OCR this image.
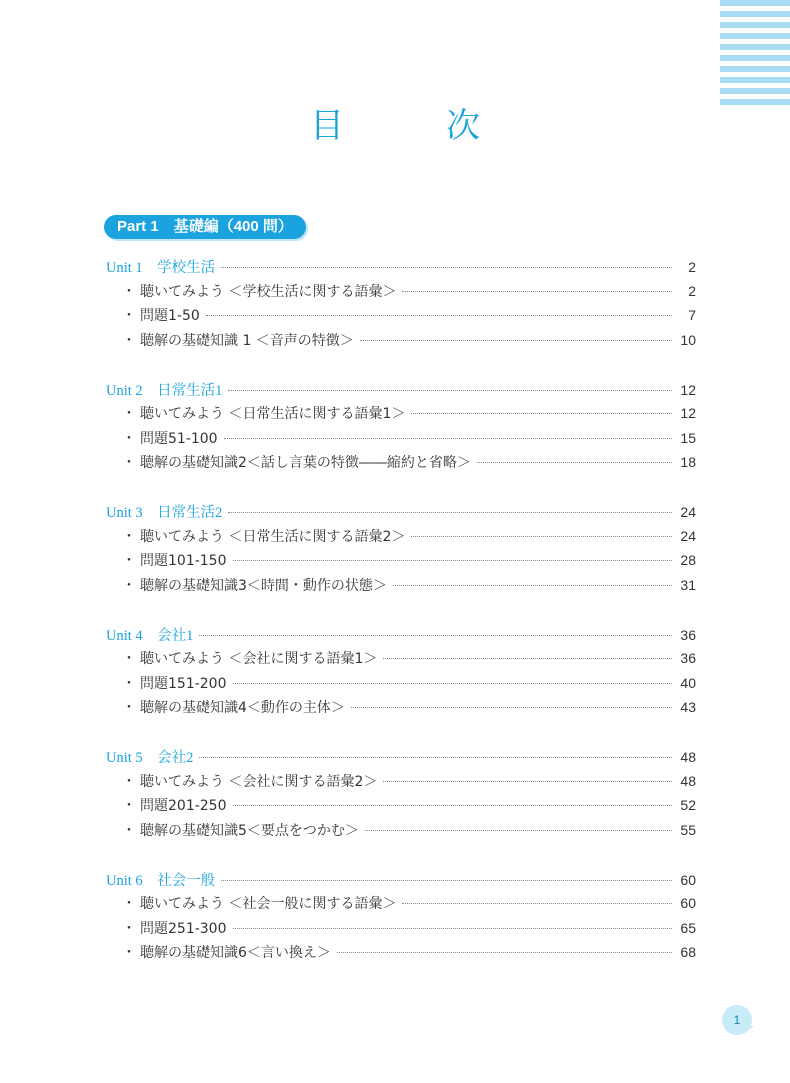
目　次
Part 1　基礎編（400 問）
Unit 1　学校生活	2
・ 聴いてみよう ＜学校生活に関する語彙＞	2
・ 問題1-50	7
・ 聴解の基礎知識 1 ＜音声の特徴＞	10
Unit 2　日常生活1	12
・ 聴いてみよう ＜日常生活に関する語彙1＞	12
・ 問題51-100	15
・ 聴解の基礎知識2＜話し言葉の特徴――縮約と省略＞	18
Unit 3　日常生活2	24
・ 聴いてみよう ＜日常生活に関する語彙2＞	24
・ 問題101-150	28
・ 聴解の基礎知識3＜時間・動作の状態＞	31
Unit 4　会社1	36
・ 聴いてみよう ＜会社に関する語彙1＞	36
・ 問題151-200	40
・ 聴解の基礎知識4＜動作の主体＞	43
Unit 5　会社2	48
・ 聴いてみよう ＜会社に関する語彙2＞	48
・ 問題201-250	52
・ 聴解の基礎知識5＜要点をつかむ＞	55
Unit 6　社会一般	60
・ 聴いてみよう ＜社会一般に関する語彙＞	60
・ 問題251-300	65
・ 聴解の基礎知識6＜言い換え＞	68
1
